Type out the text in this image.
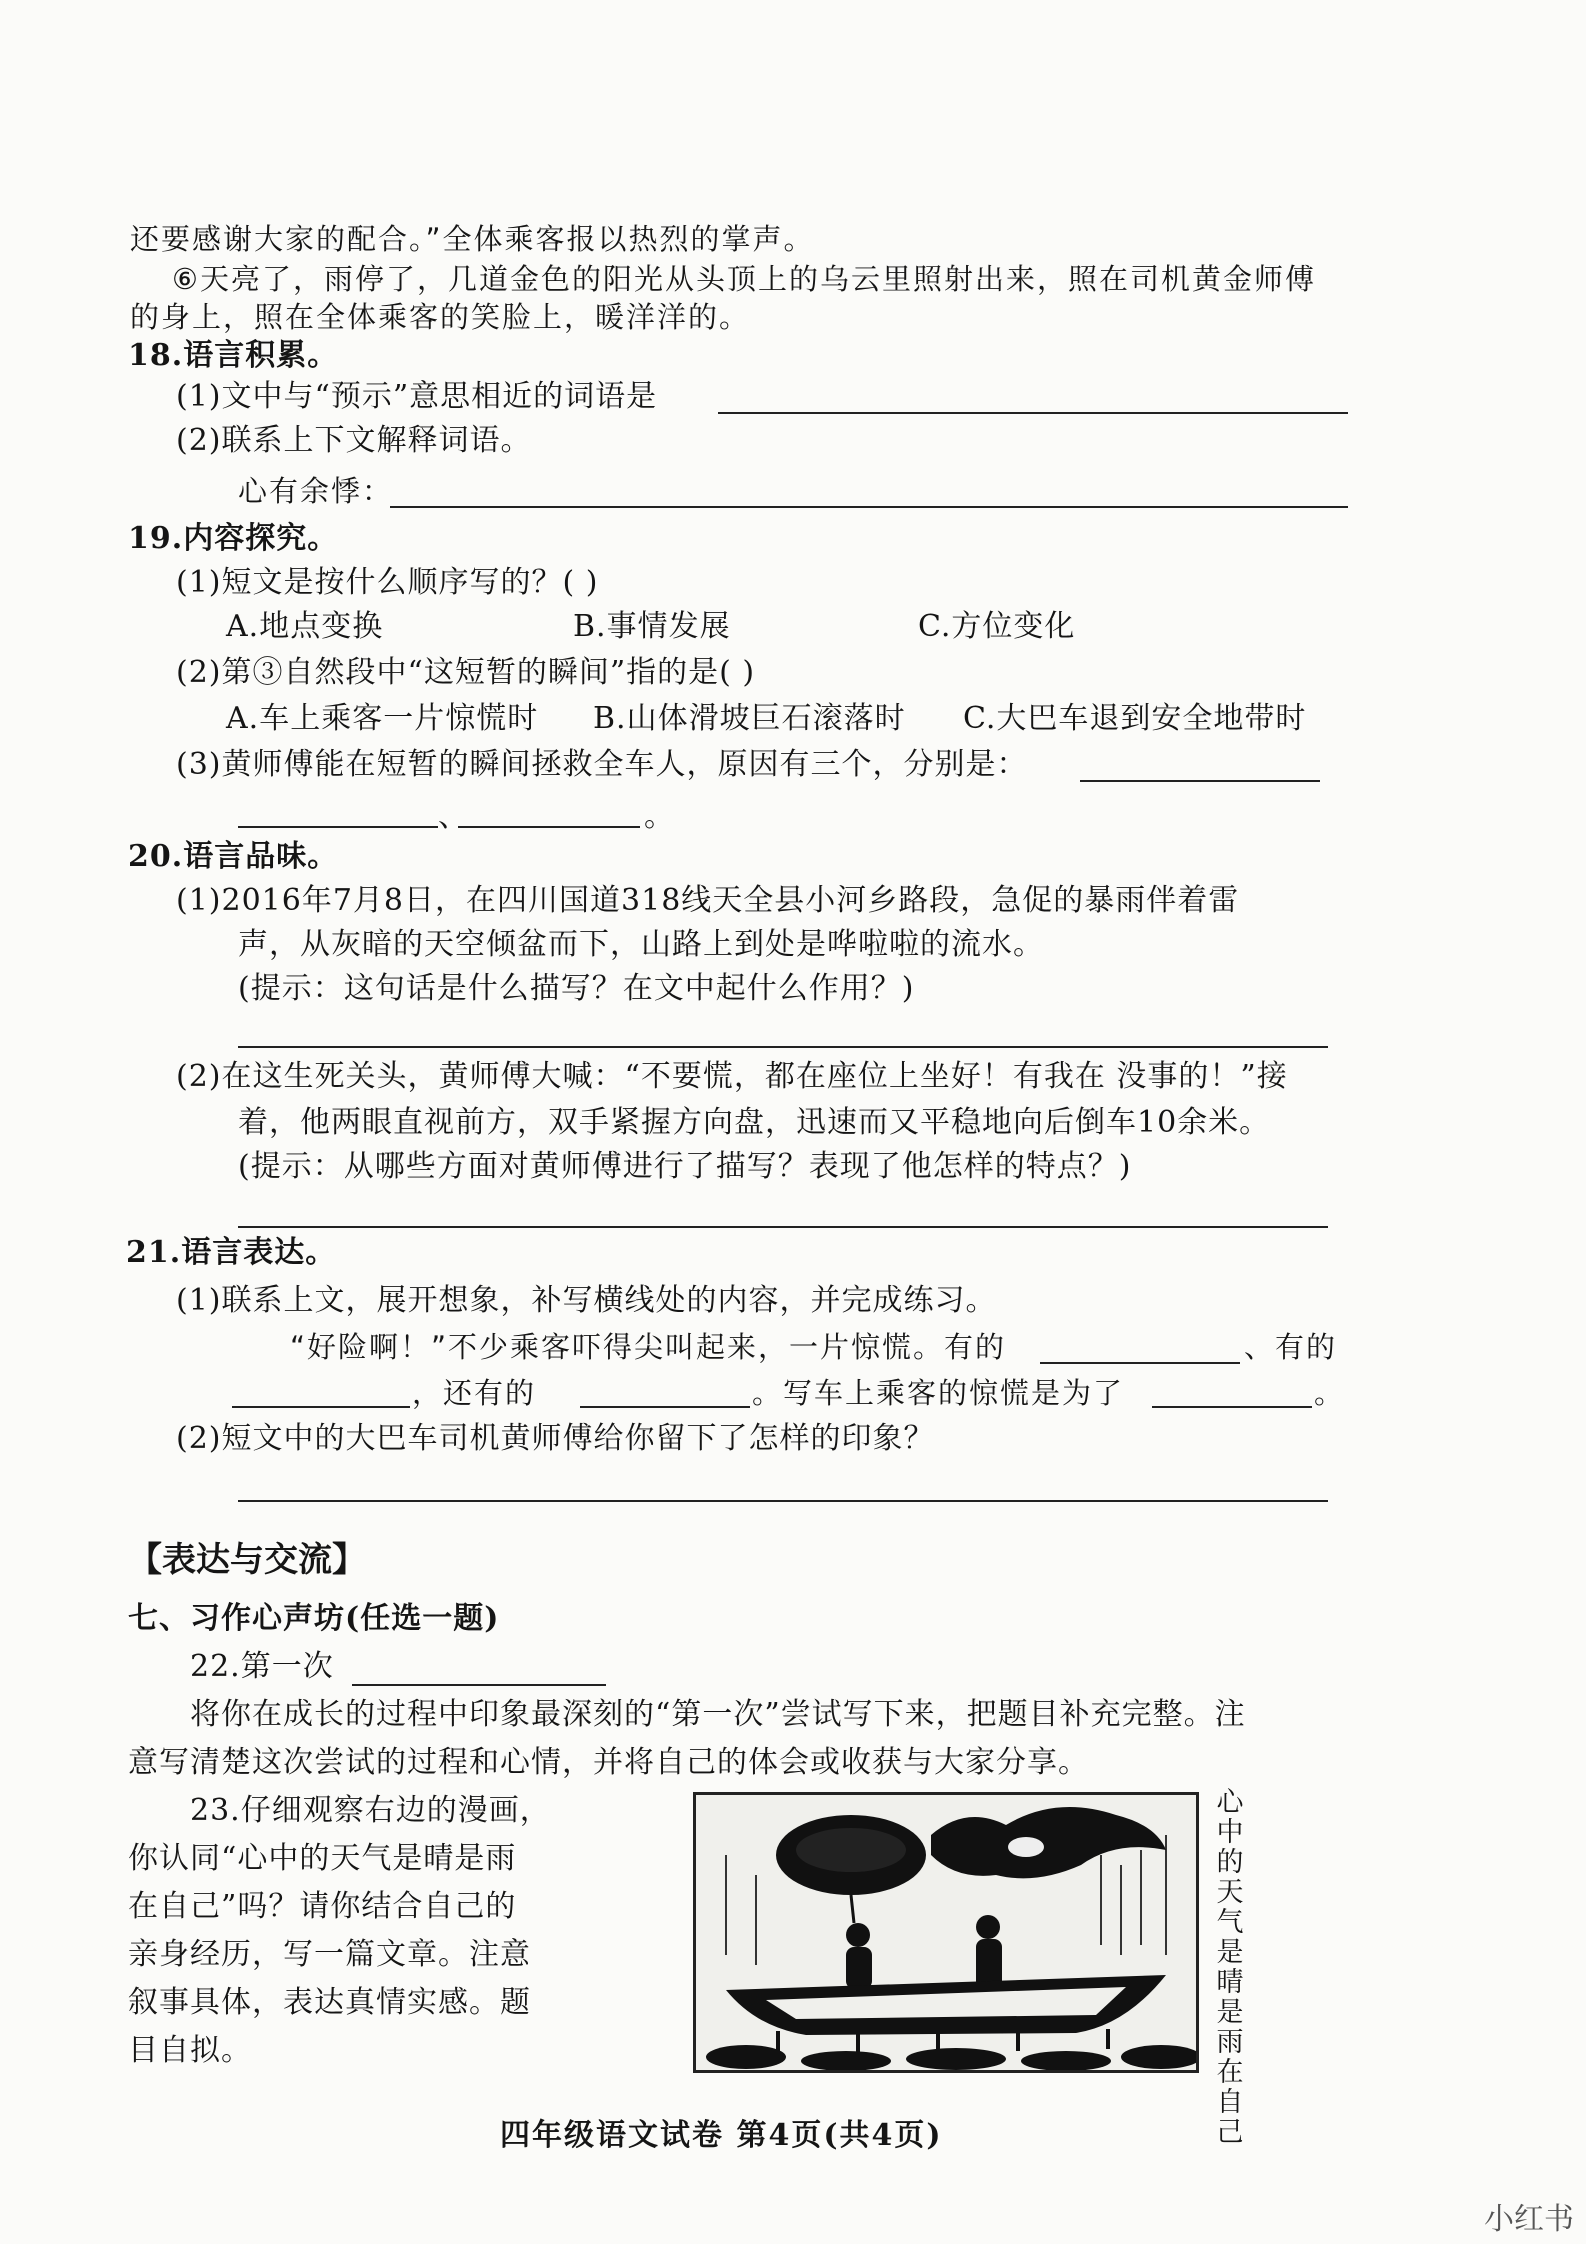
还要感谢大家的配合。”全体乘客报以热烈的掌声。
⑥天亮了，雨停了，几道金色的阳光从头顶上的乌云里照射出来，照在司机黄金师傅
的身上，照在全体乘客的笑脸上，暖洋洋的。
18.语言积累。
(1)文中与“预示”意思相近的词语是
(2)联系上下文解释词语。
心有余悸：
19.内容探究。
(1)短文是按什么顺序写的？( )
A.地点变换	B.事情发展	C.方位变化
(2)第③自然段中“这短暂的瞬间”指的是( )
A.车上乘客一片惊慌时 B.山体滑坡巨石滚落时 C.大巴车退到安全地带时
(3)黄师傅能在短暂的瞬间拯救全车人，原因有三个，分别是：
、	。
20.语言品味。
(1)2016年7月8日，在四川国道318线天全县小河乡路段，急促的暴雨伴着雷
声，从灰暗的天空倾盆而下，山路上到处是哗啦啦的流水。
(提示：这句话是什么描写？在文中起什么作用？)
(2)在这生死关头，黄师傅大喊：“不要慌，都在座位上坐好！有我在 没事的！”接
着，他两眼直视前方，双手紧握方向盘，迅速而又平稳地向后倒车10余米。
(提示：从哪些方面对黄师傅进行了描写？表现了他怎样的特点？)
21.语言表达。
(1)联系上文，展开想象，补写横线处的内容，并完成练习。
“好险啊！”不少乘客吓得尖叫起来，一片惊慌。有的	、有的
，还有的	。写车上乘客的惊慌是为了	。
(2)短文中的大巴车司机黄师傅给你留下了怎样的印象？
【表达与交流】
七、习作心声坊(任选一题)
22.第一次
将你在成长的过程中印象最深刻的“第一次”尝试写下来，把题目补充完整。注
意写清楚这次尝试的过程和心情，并将自己的体会或收获与大家分享。
23.仔细观察右边的漫画，
你认同“心中的天气是晴是雨
在自己”吗？请你结合自己的
亲身经历，写一篇文章。注意
叙事具体，表达真情实感。题
目自拟。
心中的天气是晴是雨在自己
四年级语文试卷 第4页(共4页)
小红书
